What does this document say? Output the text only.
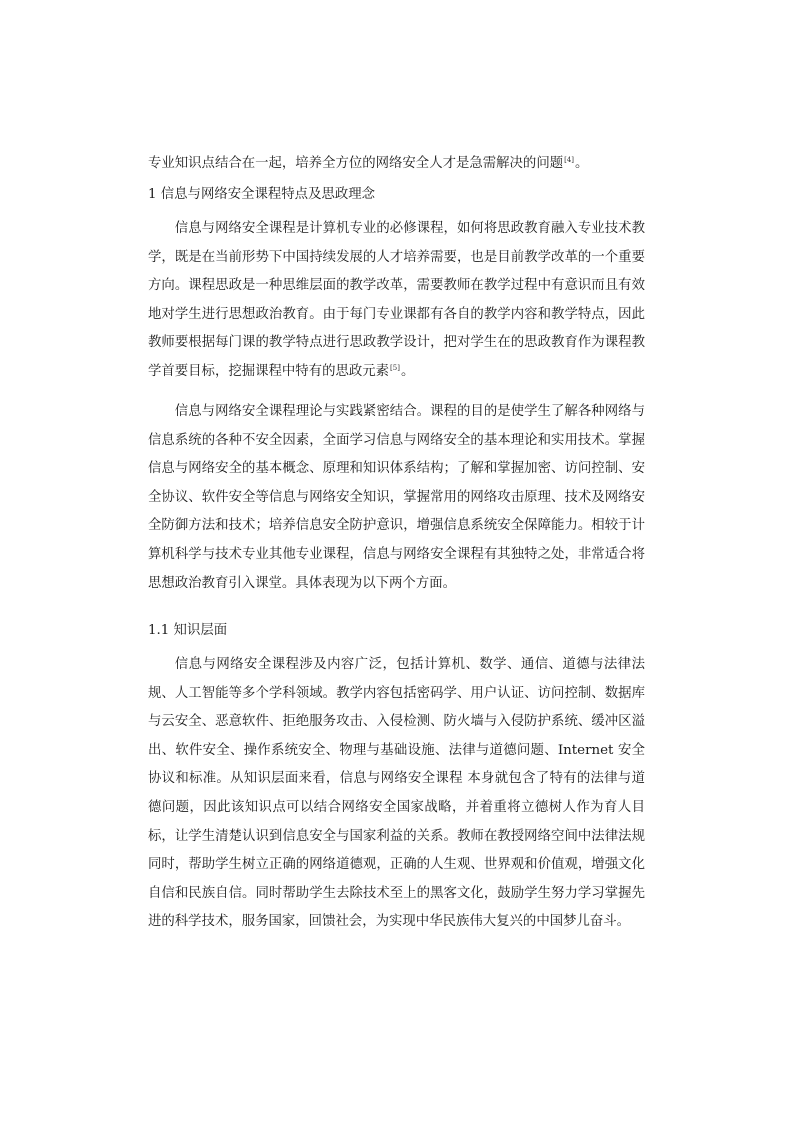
专业知识点结合在一起，培养全方位的网络安全人才是急需解决的问题[4]。

1 信息与网络安全课程特点及思政理念

信息与网络安全课程是计算机专业的必修课程，如何将思政教育融入专业技术教学，既是在当前形势下中国持续发展的人才培养需要，也是目前教学改革的一个重要方向。课程思政是一种思维层面的教学改革，需要教师在教学过程中有意识而且有效地对学生进行思想政治教育。由于每门专业课都有各自的教学内容和教学特点，因此教师要根据每门课的教学特点进行思政教学设计，把对学生在的思政教育作为课程教学首要目标，挖掘课程中特有的思政元素[5]。

信息与网络安全课程理论与实践紧密结合。课程的目的是使学生了解各种网络与信息系统的各种不安全因素，全面学习信息与网络安全的基本理论和实用技术。掌握信息与网络安全的基本概念、原理和知识体系结构；了解和掌握加密、访问控制、安全协议、软件安全等信息与网络安全知识，掌握常用的网络攻击原理、技术及网络安全防御方法和技术；培养信息安全防护意识，增强信息系统安全保障能力。相较于计算机科学与技术专业其他专业课程，信息与网络安全课程有其独特之处，非常适合将思想政治教育引入课堂。具体表现为以下两个方面。

1.1 知识层面

信息与网络安全课程涉及内容广泛，包括计算机、数学、通信、道德与法律法规、人工智能等多个学科领域。教学内容包括密码学、用户认证、访问控制、数据库与云安全、恶意软件、拒绝服务攻击、入侵检测、防火墙与入侵防护系统、缓冲区溢出、软件安全、操作系统安全、物理与基础设施、法律与道德问题、Internet 安全协议和标准。从知识层面来看，信息与网络安全课程 本身就包含了特有的法律与道德问题，因此该知识点可以结合网络安全国家战略，并着重将立德树人作为育人目标，让学生清楚认识到信息安全与国家利益的关系。教师在教授网络空间中法律法规同时，帮助学生树立正确的网络道德观，正确的人生观、世界观和价值观，增强文化自信和民族自信。同时帮助学生去除技术至上的黑客文化，鼓励学生努力学习掌握先进的科学技术，服务国家，回馈社会，为实现中华民族伟大复兴的中国梦儿奋斗。
